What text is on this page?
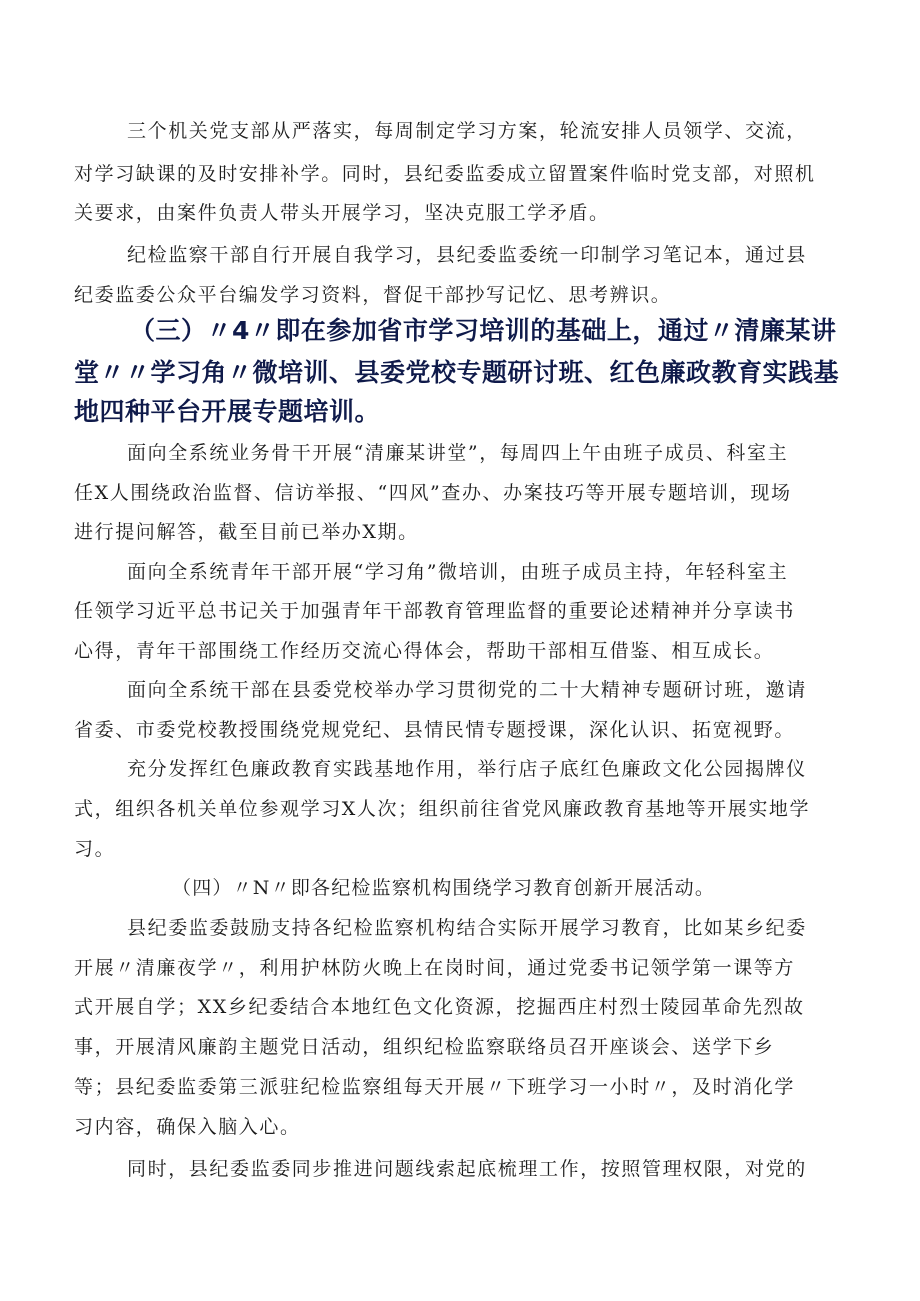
三个机关党支部从严落实，每周制定学习方案，轮流安排人员领学、交流，
对学习缺课的及时安排补学。同时，县纪委监委成立留置案件临时党支部，对照机
关要求，由案件负责人带头开展学习，坚决克服工学矛盾。
纪检监察干部自行开展自我学习，县纪委监委统一印制学习笔记本，通过县
纪委监委公众平台编发学习资料，督促干部抄写记忆、思考辨识。
（三）〃4〃即在参加省市学习培训的基础上，通过〃清廉某讲
堂〃〃学习角〃微培训、县委党校专题研讨班、红色廉政教育实践基
地四种平台开展专题培训。
面向全系统业务骨干开展“清廉某讲堂”，每周四上午由班子成员、科室主
任X人围绕政治监督、信访举报、“四风”查办、办案技巧等开展专题培训，现场
进行提问解答，截至目前已举办X期。
面向全系统青年干部开展“学习角”微培训，由班子成员主持，年轻科室主
任领学习近平总书记关于加强青年干部教育管理监督的重要论述精神并分享读书
心得，青年干部围绕工作经历交流心得体会，帮助干部相互借鉴、相互成长。
面向全系统干部在县委党校举办学习贯彻党的二十大精神专题研讨班，邀请
省委、市委党校教授围绕党规党纪、县情民情专题授课，深化认识、拓宽视野。
充分发挥红色廉政教育实践基地作用，举行店子底红色廉政文化公园揭牌仪
式，组织各机关单位参观学习X人次；组织前往省党风廉政教育基地等开展实地学
习。
（四）〃N〃即各纪检监察机构围绕学习教育创新开展活动。
县纪委监委鼓励支持各纪检监察机构结合实际开展学习教育，比如某乡纪委
开展〃清廉夜学〃，利用护林防火晚上在岗时间，通过党委书记领学第一课等方
式开展自学；XX乡纪委结合本地红色文化资源，挖掘西庄村烈士陵园革命先烈故
事，开展清风廉韵主题党日活动，组织纪检监察联络员召开座谈会、送学下乡
等；县纪委监委第三派驻纪检监察组每天开展〃下班学习一小时〃，及时消化学
习内容，确保入脑入心。
同时，县纪委监委同步推进问题线索起底梳理工作，按照管理权限，对党的
